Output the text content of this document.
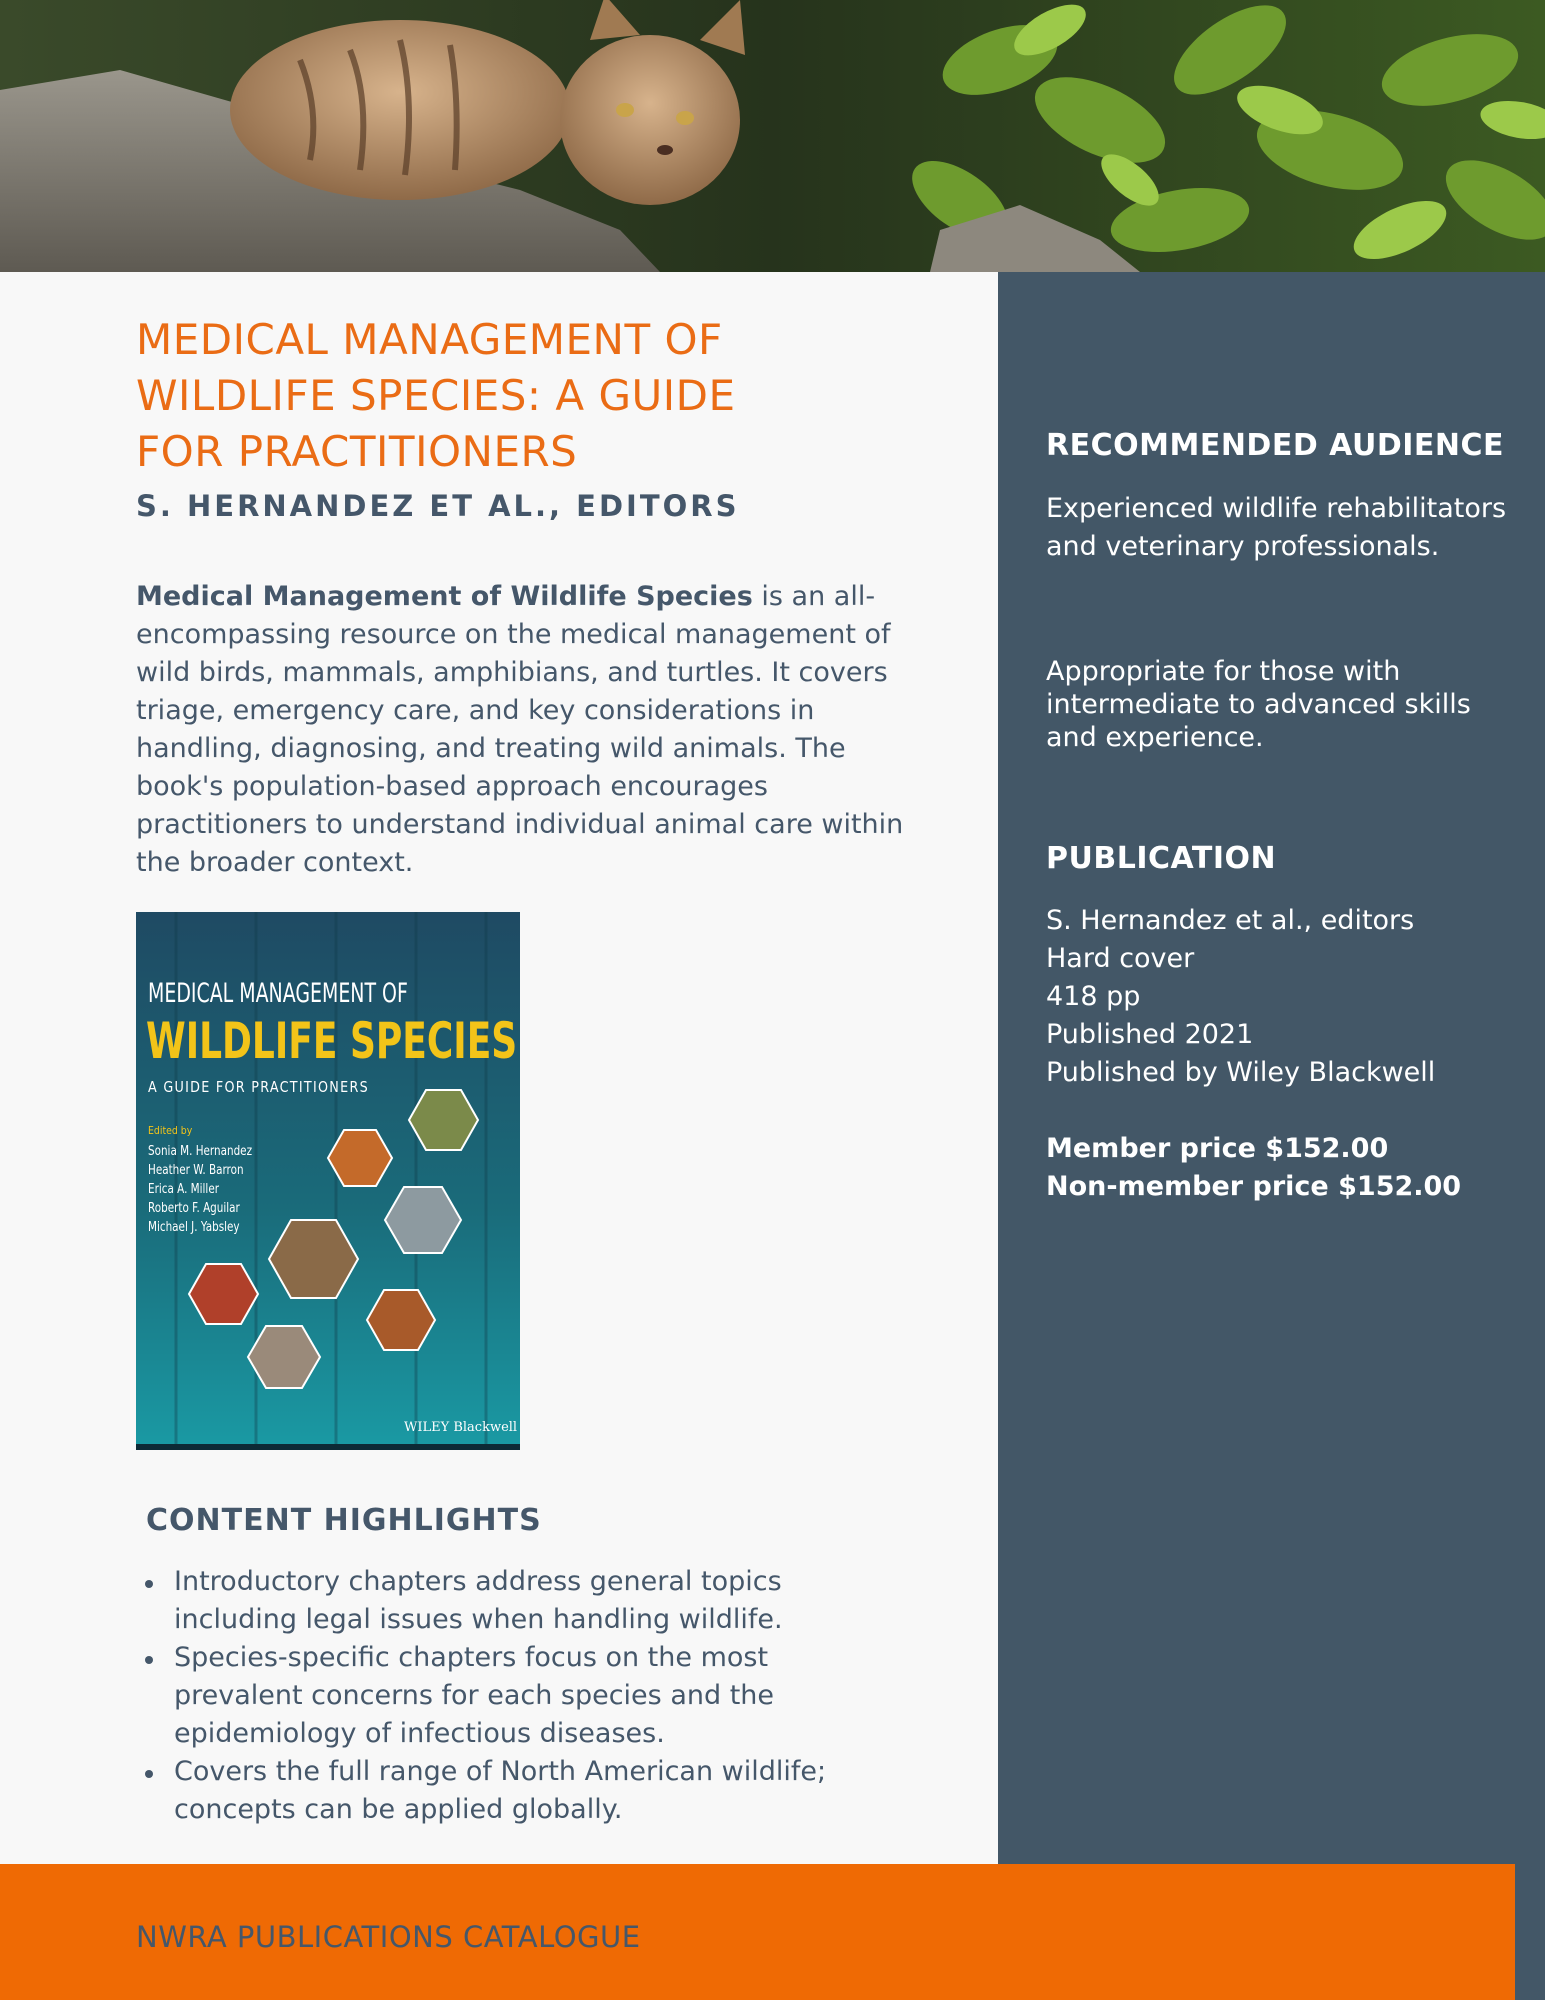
MEDICAL MANAGEMENT OF
WILDLIFE SPECIES: A GUIDE
FOR PRACTITIONERS
S. HERNANDEZ ET AL., EDITORS
Medical Management of Wildlife Species is an all-encompassing resource on the medical management of wild birds, mammals, amphibians, and turtles. It covers triage, emergency care, and key considerations in handling, diagnosing, and treating wild animals. The book's population-based approach encourages practitioners to understand individual animal care within the broader context.
MEDICAL MANAGEMENT OF
WILDLIFE SPECIES
A GUIDE FOR PRACTITIONERS
Edited by
Sonia M. Hernandez
Heather W. Barron
Erica A. Miller
Roberto F. Aguilar
Michael J. Yabsley
WILEY Blackwell
CONTENT HIGHLIGHTS
Introductory chapters address general topics including legal issues when handling wildlife.
Species-specific chapters focus on the most prevalent concerns for each species and the epidemiology of infectious diseases.
Covers the full range of North American wildlife; concepts can be applied globally.
RECOMMENDED AUDIENCE
Experienced wildlife rehabilitators and veterinary professionals.
Appropriate for those with intermediate to advanced skills and experience.
PUBLICATION
S. Hernandez et al., editors
Hard cover
418 pp
Published 2021
Published by Wiley Blackwell
Member price $152.00
Non-member price $152.00
NWRA PUBLICATIONS CATALOGUE
